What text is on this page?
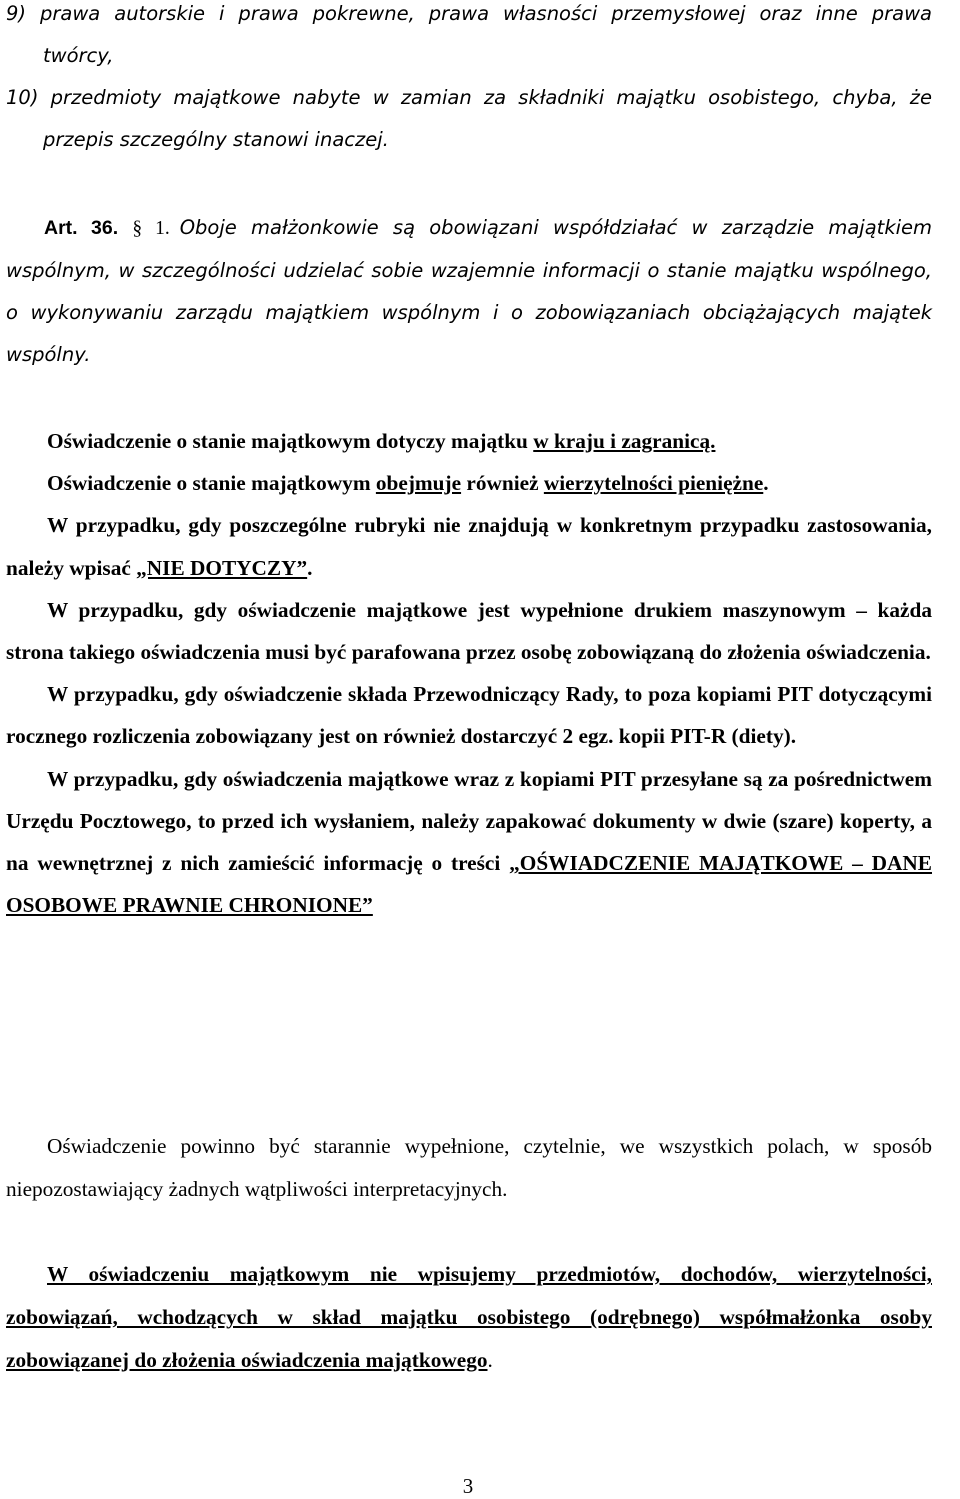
9) prawa autorskie i prawa pokrewne, prawa własności przemysłowej oraz inne prawa

twórcy,

10) przedmioty majątkowe nabyte w zamian za składniki majątku osobistego, chyba, że

przepis szczególny stanowi inaczej.

Art. 36. § 1. Oboje małżonkowie są obowiązani współdziałać w zarządzie majątkiem

wspólnym, w szczególności udzielać sobie wzajemnie informacji o stanie majątku wspólnego, o wykonywaniu zarządu majątkiem wspólnym i o zobowiązaniach obciążających majątek wspólny.

Oświadczenie o stanie majątkowym dotyczy majątku w kraju i zagranicą.

Oświadczenie o stanie majątkowym obejmuje również wierzytelności pieniężne.

W przypadku, gdy poszczególne rubryki nie znajdują w konkretnym przypadku zastosowania, należy wpisać „NIE DOTYCZY”.

W przypadku, gdy oświadczenie majątkowe jest wypełnione drukiem maszynowym – każda strona takiego oświadczenia musi być parafowana przez osobę zobowiązaną do złożenia oświadczenia.

W przypadku, gdy oświadczenie składa Przewodniczący Rady, to poza kopiami PIT dotyczącymi rocznego rozliczenia zobowiązany jest on również dostarczyć 2 egz. kopii PIT-R (diety).

W przypadku, gdy oświadczenia majątkowe wraz z kopiami PIT przesyłane są za pośrednictwem Urzędu Pocztowego, to przed ich wysłaniem, należy zapakować dokumenty w dwie (szare) koperty, a na wewnętrznej z nich zamieścić informację o treści „OŚWIADCZENIE MAJĄTKOWE – DANE OSOBOWE PRAWNIE CHRONIONE”

Oświadczenie powinno być starannie wypełnione, czytelnie, we wszystkich polach, w sposób niepozostawiający żadnych wątpliwości interpretacyjnych.

W oświadczeniu majątkowym nie wpisujemy przedmiotów, dochodów, wierzytelności, zobowiązań, wchodzących w skład majątku osobistego (odrębnego) współmałżonka osoby zobowiązanej do złożenia oświadczenia majątkowego.

3
